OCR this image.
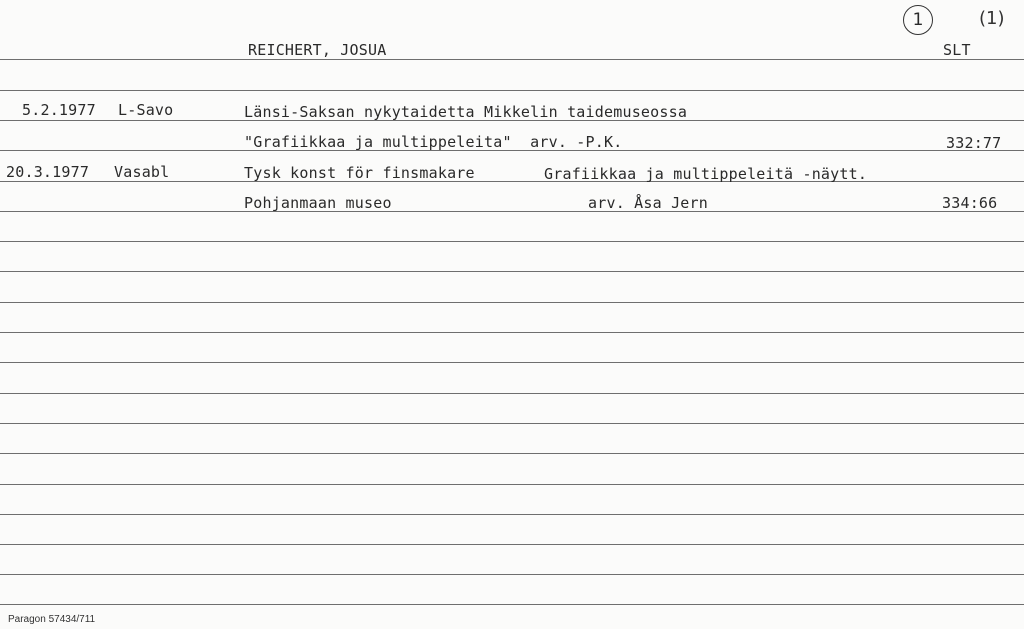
REICHERT, JOSUA	SLT
1	(1)
5.2.1977 L-Savo	Länsi-Saksan nykytaidetta Mikkelin taidemuseossa
"Grafiikkaa ja multippeleita"  arv. -P.K.	332:77
20.3.1977 Vasabl	Tysk konst för finsmakare	Grafiikkaa ja multippeleitä -näytt.
Pohjanmaan museo	arv. Åsa Jern	334:66
Paragon 57434/711
